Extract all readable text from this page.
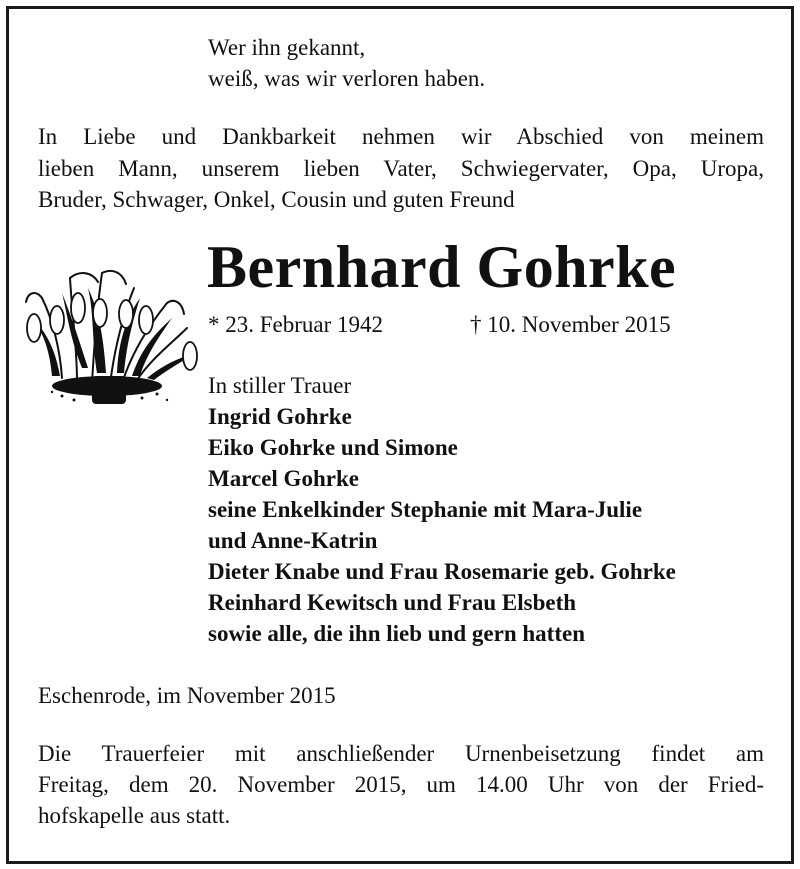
Wer ihn gekannt,
weiß, was wir verloren haben.
In Liebe und Dankbarkeit nehmen wir Abschied von meinem
lieben Mann, unserem lieben Vater, Schwiegervater, Opa, Uropa,
Bruder, Schwager, Onkel, Cousin und guten Freund
Bernhard Gohrke
* 23. Februar 1942	† 10. November 2015
In stiller Trauer
Ingrid Gohrke
Eiko Gohrke und Simone
Marcel Gohrke
seine Enkelkinder Stephanie mit Mara-Julie
und Anne-Katrin
Dieter Knabe und Frau Rosemarie geb. Gohrke
Reinhard Kewitsch und Frau Elsbeth
sowie alle, die ihn lieb und gern hatten
Eschenrode, im November 2015
Die Trauerfeier mit anschließender Urnenbeisetzung findet am
Freitag, dem 20. November 2015, um 14.00 Uhr von der Fried-
hofskapelle aus statt.
